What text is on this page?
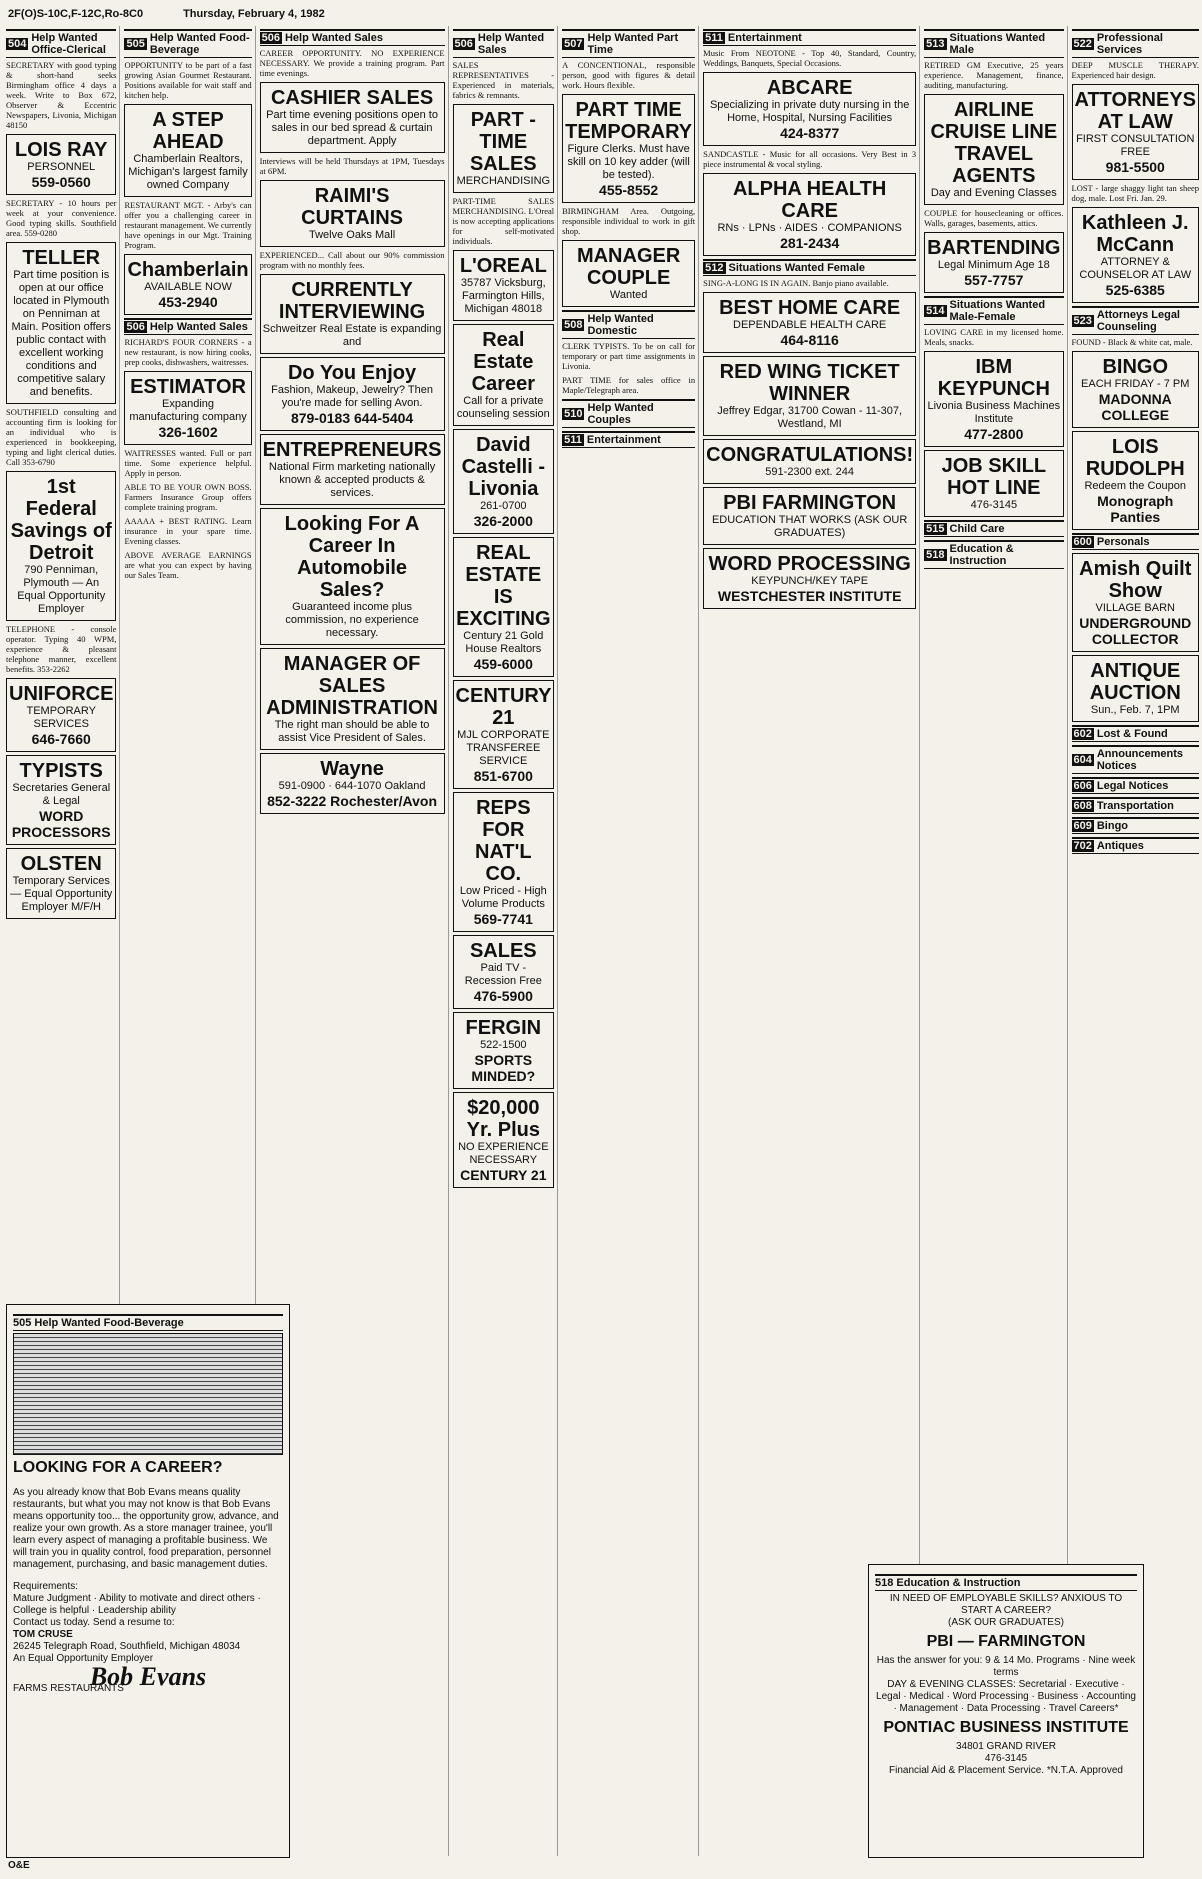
2F(O)S-10C,F-12C,Ro-8C0	Thursday, February 4, 1982
504 Help Wanted Office-Clerical

SECRETARY with good typing & short-hand seeks Birmingham office 4 days a week. Write to Box 672, Observer & Eccentric Newspapers, Livonia, Michigan 48150

LOIS RAY
PERSONNEL
559-0560

SECRETARY - 10 hours per week at your convenience. Good typing skills. Southfield area. 559-0280

TELLER
Part time position is open at our office located in Plymouth on Penniman at Main. Position offers public contact with excellent working conditions and competitive salary and benefits.

SOUTHFIELD consulting and accounting firm is looking for an individual who is experienced in bookkeeping, typing and light clerical duties. Call 353-6790

1st Federal Savings of Detroit
790 Penniman, Plymouth — An Equal Opportunity Employer

TELEPHONE - console operator. Typing 40 WPM, experience & pleasant telephone manner, excellent benefits. 353-2262

UNIFORCE
TEMPORARY SERVICES
646-7660
TYPISTS
Secretaries General & Legal
WORD PROCESSORS
OLSTEN
Temporary Services — Equal Opportunity Employer M/F/H
505 Help Wanted Food-Beverage

OPPORTUNITY to be part of a fast growing Asian Gourmet Restaurant. Positions available for wait staff and kitchen help.

A STEP AHEAD
Chamberlain Realtors, Michigan's largest family owned Company

RESTAURANT MGT. - Arby's can offer you a challenging career in restaurant management. We currently have openings in our Mgt. Training Program.

Chamberlain
AVAILABLE NOW
453-2940
506 Help Wanted Sales

RICHARD'S FOUR CORNERS - a new restaurant, is now hiring cooks, prep cooks, dishwashers, waitresses.

ESTIMATOR
Expanding manufacturing company
326-1602

WAITRESSES wanted. Full or part time. Some experience helpful. Apply in person.

ABLE TO BE YOUR OWN BOSS. Farmers Insurance Group offers complete training program.

AAAAA + BEST RATING. Learn insurance in your spare time. Evening classes.

ABOVE AVERAGE EARNINGS are what you can expect by having our Sales Team.

506 Help Wanted Sales

CAREER OPPORTUNITY. NO EXPERIENCE NECESSARY. We provide a training program. Part time evenings.

CASHIER SALES
Part time evening positions open to sales in our bed spread & curtain department. Apply

Interviews will be held Thursdays at 1PM, Tuesdays at 6PM.

RAIMI'S CURTAINS
Twelve Oaks Mall

EXPERIENCED... Call about our 90% commission program with no monthly fees.

CURRENTLY INTERVIEWING
Schweitzer Real Estate is expanding and
Do You Enjoy
Fashion, Makeup, Jewelry? Then you're made for selling Avon.
879-0183 644-5404
ENTREPRENEURS
National Firm marketing nationally known & accepted products & services.
Looking For A Career In Automobile Sales?
Guaranteed income plus commission, no experience necessary.
MANAGER OF SALES ADMINISTRATION
The right man should be able to assist Vice President of Sales.
Wayne
591-0900 · 644-1070 Oakland
852-3222 Rochester/Avon
506 Help Wanted Sales

SALES REPRESENTATIVES - Experienced in materials, fabrics & remnants.

PART - TIME SALES
MERCHANDISING

PART-TIME SALES MERCHANDISING. L'Oreal is now accepting applications for self-motivated individuals.

L'OREAL
35787 Vicksburg, Farmington Hills, Michigan 48018
Real Estate Career
Call for a private counseling session
David Castelli - Livonia
261-0700
326-2000
REAL ESTATE IS EXCITING
Century 21 Gold House Realtors
459-6000
CENTURY 21
MJL CORPORATE TRANSFEREE SERVICE
851-6700
REPS FOR NAT'L CO.
Low Priced - High Volume Products
569-7741
SALES
Paid TV - Recession Free
476-5900
FERGIN
522-1500
SPORTS MINDED?
$20,000 Yr. Plus
NO EXPERIENCE NECESSARY
CENTURY 21
507 Help Wanted Part Time

A CONCENTIONAL, responsible person, good with figures & detail work. Hours flexible.

PART TIME TEMPORARY
Figure Clerks. Must have skill on 10 key adder (will be tested).
455-8552

BIRMINGHAM Area. Outgoing, responsible individual to work in gift shop.

MANAGER COUPLE
Wanted
508 Help Wanted Domestic

CLERK TYPISTS. To be on call for temporary or part time assignments in Livonia.

PART TIME for sales office in Maple/Telegraph area.

510 Help Wanted Couples
511 Entertainment
511 Entertainment

Music From NEOTONE - Top 40, Standard, Country, Weddings, Banquets, Special Occasions.

ABCARE
Specializing in private duty nursing in the Home, Hospital, Nursing Facilities
424-8377

SANDCASTLE - Music for all occasions. Very Best in 3 piece instrumental & vocal styling.

ALPHA HEALTH CARE
RNs · LPNs · AIDES · COMPANIONS
281-2434
512 Situations Wanted Female

SING-A-LONG IS IN AGAIN. Banjo piano available.

BEST HOME CARE
DEPENDABLE HEALTH CARE
464-8116
RED WING TICKET WINNER
Jeffrey Edgar, 31700 Cowan - 11-307, Westland, MI
CONGRATULATIONS!
591-2300 ext. 244
PBI FARMINGTON
EDUCATION THAT WORKS (ASK OUR GRADUATES)
WORD PROCESSING
KEYPUNCH/KEY TAPE
WESTCHESTER INSTITUTE
513 Situations Wanted Male

RETIRED GM Executive, 25 years experience. Management, finance, auditing, manufacturing.

AIRLINE CRUISE LINE TRAVEL AGENTS
Day and Evening Classes

COUPLE for housecleaning or offices. Walls, garages, basements, attics.

BARTENDING
Legal Minimum Age 18
557-7757
514 Situations Wanted Male-Female

LOVING CARE in my licensed home. Meals, snacks.

IBM KEYPUNCH
Livonia Business Machines Institute
477-2800
JOB SKILL HOT LINE
476-3145
515 Child Care
518 Education & Instruction
522 Professional Services

DEEP MUSCLE THERAPY. Experienced hair design.

ATTORNEYS AT LAW
FIRST CONSULTATION FREE
981-5500

LOST - large shaggy light tan sheep dog, male. Lost Fri. Jan. 29.

Kathleen J. McCann
ATTORNEY & COUNSELOR AT LAW
525-6385
523 Attorneys Legal Counseling

FOUND - Black & white cat, male.

BINGO
EACH FRIDAY - 7 PM
MADONNA COLLEGE
LOIS RUDOLPH
Redeem the Coupon
Monograph Panties
600 Personals
Amish Quilt Show
VILLAGE BARN
UNDERGROUND COLLECTOR
ANTIQUE AUCTION
Sun., Feb. 7, 1PM
602 Lost & Found
604 Announcements Notices
606 Legal Notices
608 Transportation
609 Bingo
702 Antiques
O&E
505 Help Wanted Food-Beverage
LOOKING FOR A CAREER?

As you already know that Bob Evans means quality restaurants, but what you may not know is that Bob Evans means opportunity too... the opportunity grow, advance, and realize your own growth. As a store manager trainee, you'll learn every aspect of managing a profitable business. We will train you in quality control, food preparation, personnel management, purchasing, and basic management duties.

Requirements:
Mature Judgment · Ability to motivate and direct others · College is helpful · Leadership ability
Contact us today. Send a resume to:
TOM CRUSE
26245 Telegraph Road, Southfield, Michigan 48034
An Equal Opportunity Employer
Bob Evans
FARMS RESTAURANTS
518 Education & Instruction
IN NEED OF EMPLOYABLE SKILLS? ANXIOUS TO START A CAREER?
(ASK OUR GRADUATES)
PBI — FARMINGTON
Has the answer for you: 9 & 14 Mo. Programs · Nine week terms
DAY & EVENING CLASSES: Secretarial · Executive · Legal · Medical · Word Processing · Business · Accounting · Management · Data Processing · Travel Careers*
PONTIAC BUSINESS INSTITUTE
34801 GRAND RIVER
476-3145
Financial Aid & Placement Service. *N.T.A. Approved
